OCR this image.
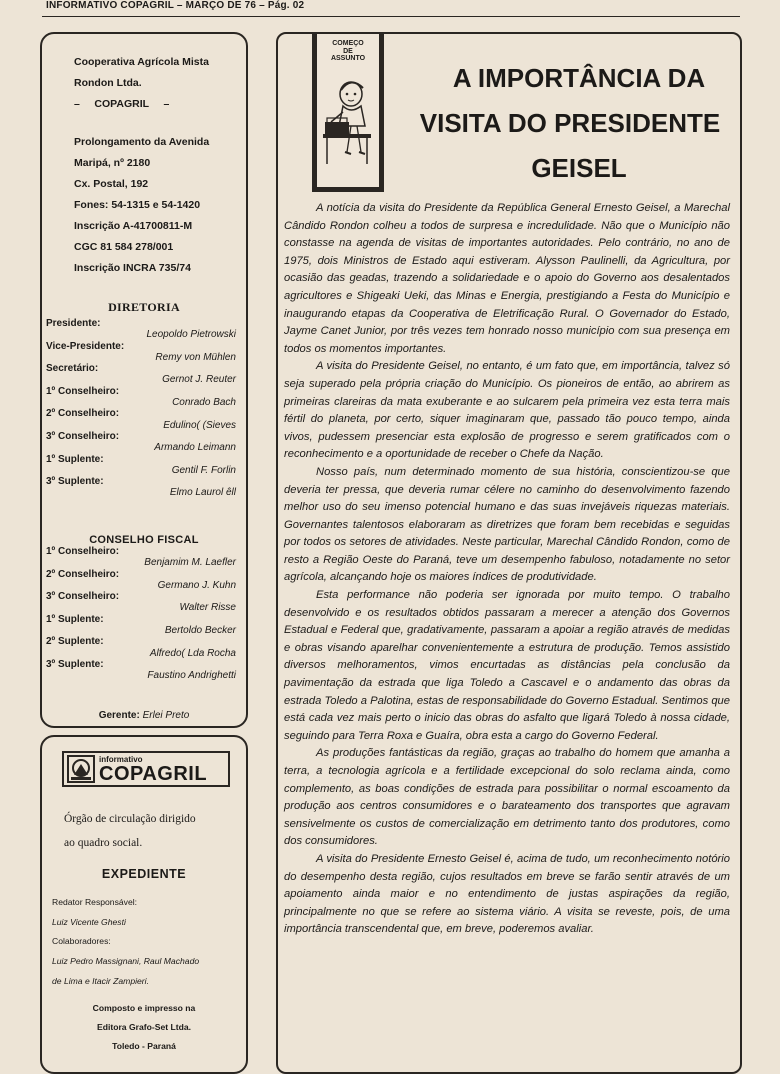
INFORMATIVO COPAGRIL – MARÇO DE 76 – Pág. 02
Cooperativa Agrícola Mista
Rondon Ltda.
–     COPAGRIL     –
Prolongamento da Avenida
Maripá, nº 2180
Cx. Postal, 192
Fones: 54-1315 e 54-1420
Inscrição A-41700811-M
CGC 81 584 278/001
Inscrição INCRA 735/74
DIRETORIA
Presidente:
Leopoldo Pietrowski
Vice-Presidente:
Remy von Mühlen
Secretário:
Gernot J. Reuter
1º Conselheiro:
Conrado Bach
2º Conselheiro:
Edulino( (Sieves
3º Conselheiro:
Armando Leimann
1º Suplente:
Gentil F. Forlin
3º Suplente:
Elmo Laurol êll
CONSELHO FISCAL
1º Conselheiro:
Benjamim M. Laefler
2º Conselheiro:
Germano J. Kuhn
3º Conselheiro:
Walter Risse
1º Suplente:
Bertoldo Becker
2º Suplente:
Alfredo( Lda Rocha
3º Suplente:
Faustino Andrighetti
Gerente: Erlei Preto
informativo
COPAGRIL
Órgão de circulação dirigido
ao quadro social.
EXPEDIENTE
Redator Responsável:
Luiz Vicente Ghesti
Colaboradores:
Luiz Pedro Massignani, Raul Machado
de Lima e Itacir Zampieri.
Composto e impresso na
Editora Grafo-Set Ltda.
Toledo - Paraná
COMEÇO
DE
ASSUNTO
A IMPORTÂNCIA DA
VISITA DO PRESIDENTE
GEISEL

A notícia da visita do Presidente da República General Ernesto Geisel, a Marechal Cândido Rondon colheu a todos de surpresa e incredulidade. Não que o Município não constasse na agenda de visitas de importantes autoridades. Pelo contrário, no ano de 1975, dois Ministros de Estado aqui estiveram. Alysson Paulinelli, da Agricultura, por ocasião das geadas, trazendo a solidariedade e o apoio do Governo aos desalentados agricultores e Shigeaki Ueki, das Minas e Energia, prestigiando a Festa do Município e inaugurando etapas da Cooperativa de Eletrificação Rural. O Governador do Estado, Jayme Canet Junior, por três vezes tem honrado nosso município com sua presença em todos os momentos importantes.

A visita do Presidente Geisel, no entanto, é um fato que, em importância, talvez só seja superado pela própria criação do Município. Os pioneiros de então, ao abrirem as primeiras clareiras da mata exuberante e ao sulcarem pela primeira vez esta terra mais fértil do planeta, por certo, siquer imaginaram que, passado tão pouco tempo, ainda vivos, pudessem presenciar esta explosão de progresso e serem gratificados com o reconhecimento e a oportunidade de receber o Chefe da Nação.

Nosso país, num determinado momento de sua história, conscientizou-se que deveria ter pressa, que deveria rumar célere no caminho do desenvolvimento fazendo melhor uso do seu imenso potencial humano e das suas invejáveis riquezas materiais. Governantes talentosos elaboraram as diretrizes que foram bem recebidas e seguidas por todos os setores de atividades. Neste particular, Marechal Cândido Rondon, como de resto a Região Oeste do Paraná, teve um desempenho fabuloso, notadamente no setor agrícola, alcançando hoje os maiores índices de produtividade.

Esta performance não poderia ser ignorada por muito tempo. O trabalho desenvolvido e os resultados obtidos passaram a merecer a atenção dos Governos Estadual e Federal que, gradativamente, passaram a apoiar a região através de medidas e obras visando aparelhar convenientemente a estrutura de produção. Temos assistido diversos melhoramentos, vimos encurtadas as distâncias pela conclusão da pavimentação da estrada que liga Toledo a Cascavel e o andamento das obras da estrada Toledo a Palotina, estas de responsabilidade do Governo Estadual. Sentimos que está cada vez mais perto o inicio das obras do asfalto que ligará Toledo à nossa cidade, seguindo para Terra Roxa e Guaíra, obra esta a cargo do Governo Federal.

As produções fantásticas da região, graças ao trabalho do homem que amanha a terra, a tecnologia agrícola e a fertilidade excepcional do solo reclama ainda, como complemento, as boas condições de estrada para possibilitar o normal escoamento da produção aos centros consumidores e o barateamento dos transportes que agravam sensivelmente os custos de comercialização em detrimento tanto dos produtores, como dos consumidores.

A visita do Presidente Ernesto Geisel é, acima de tudo, um reconhecimento notório do desempenho desta região, cujos resultados em breve se farão sentir através de um apoiamento ainda maior e no entendimento de justas aspirações da região, principalmente no que se refere ao sistema viário. A visita se reveste, pois, de uma importância transcendental que, em breve, poderemos avaliar.
